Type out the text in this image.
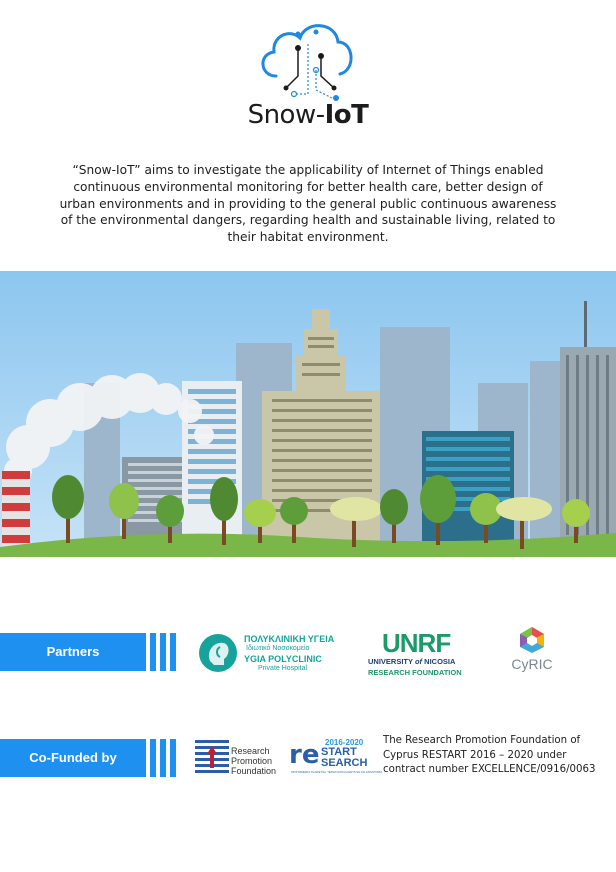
Snow-IoT
“Snow-IoT” aims to investigate the applicability of Internet of Things enabled continuous environmental monitoring for better health care, better design of urban environments and in providing to the general public continuous awareness of the environmental dangers, regarding health and sustainable living, related to their habitat environment.
Partners
ΠΟΛΥΚΛΙΝΙΚΗ ΥΓΕΙΑ
Ιδιωτικό Νοσοκομείο
YGIA POLYCLINIC
Private Hospital
UNRF
UNIVERSITY of NICOSIA
RESEARCH FOUNDATION
CyRIC
Co-Funded by	Research
Promotion
Foundation
re 2016-2020
START
SEARCH
ΠΡΟΓΡΑΜΜΑΤΑ ΓΙΑ ΕΡΕΥΝΑ, ΤΕΧΝΟΛΟΓΙΚΗ ΑΝΑΠΤΥΞΗ ΚΑΙ ΚΑΙΝΟΤΟΜΙΑ
The Research Promotion Foundation of Cyprus RESTART 2016 – 2020 under contract number EXCELLENCE/0916/0063
